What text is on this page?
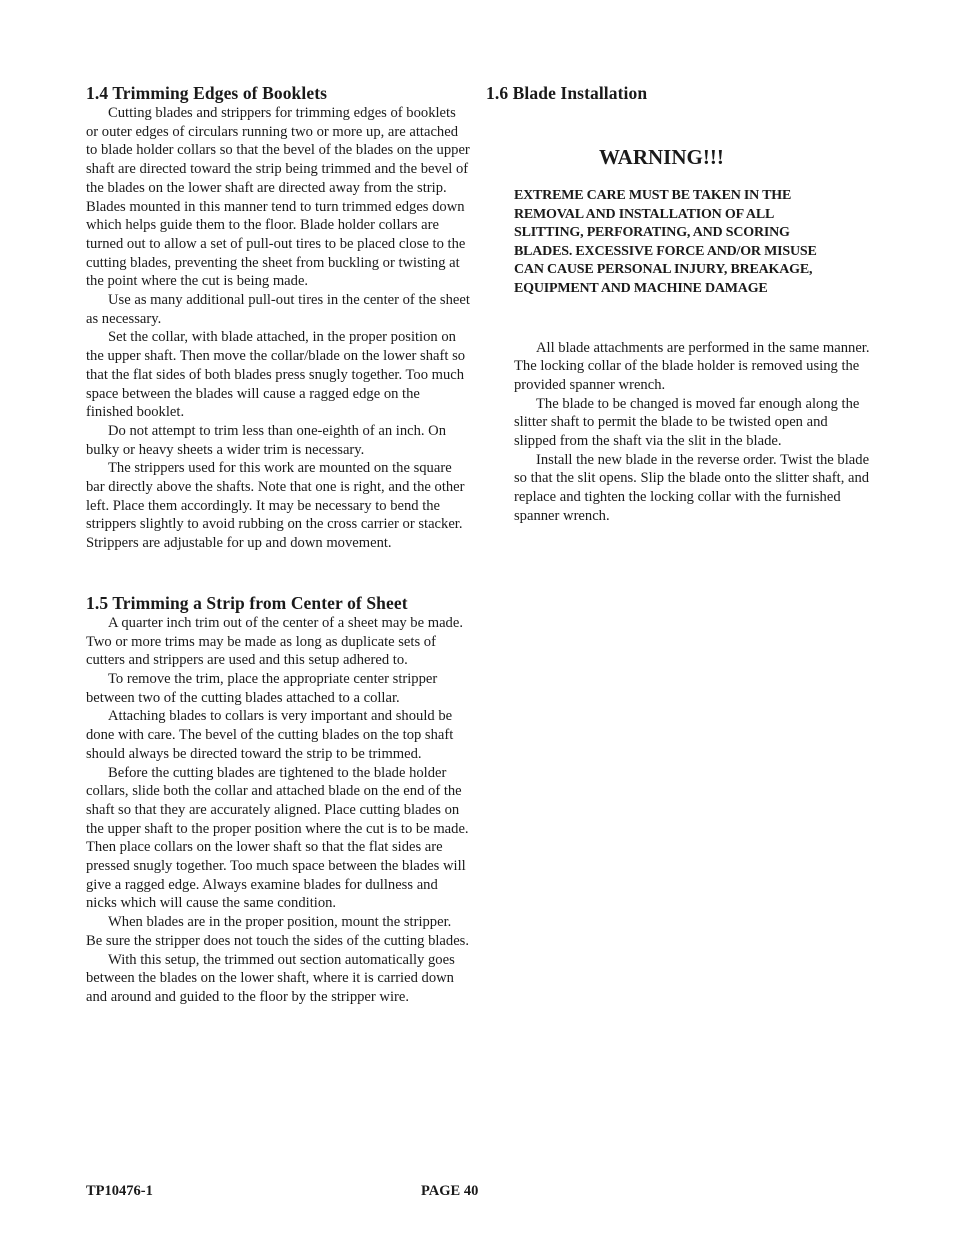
1.4 Trimming Edges of Booklets

Cutting blades and strippers for trimming edges of booklets or outer edges of circulars running two or more up, are attached to blade holder collars so that the bevel of the blades on the upper shaft are directed toward the strip being trimmed and the bevel of the blades on the lower shaft are directed away from the strip. Blades mounted in this manner tend to turn trimmed edges down which helps guide them to the floor. Blade holder collars are turned out to allow a set of pull-out tires to be placed close to the cutting blades, preventing the sheet from buckling or twisting at the point where the cut is being made.

Use as many additional pull-out tires in the center of the sheet as necessary.

Set the collar, with blade attached, in the proper position on the upper shaft. Then move the collar/blade on the lower shaft so that the flat sides of both blades press snugly together. Too much space between the blades will cause a ragged edge on the finished booklet.

Do not attempt to trim less than one-eighth of an inch. On bulky or heavy sheets a wider trim is necessary.

The strippers used for this work are mounted on the square bar directly above the shafts. Note that one is right, and the other left. Place them accordingly. It may be necessary to bend the strippers slightly to avoid rubbing on the cross carrier or stacker. Strippers are adjustable for up and down movement.

1.5 Trimming a Strip from Center of Sheet

A quarter inch trim out of the center of a sheet may be made. Two or more trims may be made as long as duplicate sets of cutters and strippers are used and this setup adhered to.

To remove the trim, place the appropriate center stripper between two of the cutting blades attached to a collar.

Attaching blades to collars is very important and should be done with care. The bevel of the cutting blades on the top shaft should always be directed toward the strip to be trimmed.

Before the cutting blades are tightened to the blade holder collars, slide both the collar and attached blade on the end of the shaft so that they are accurately aligned. Place cutting blades on the upper shaft to the proper position where the cut is to be made. Then place collars on the lower shaft so that the flat sides are pressed snugly together. Too much space between the blades will give a ragged edge. Always examine blades for dullness and nicks which will cause the same condition.

When blades are in the proper position, mount the stripper. Be sure the stripper does not touch the sides of the cutting blades.

With this setup, the trimmed out section automatically goes between the blades on the lower shaft, where it is carried down and around and guided to the floor by the stripper wire.

1.6 Blade Installation
WARNING!!!
EXTREME CARE MUST BE TAKEN IN THE REMOVAL AND INSTALLATION OF ALL SLITTING, PERFORATING, AND SCORING BLADES. EXCESSIVE FORCE AND/OR MISUSE CAN CAUSE PERSONAL INJURY, BREAKAGE, EQUIPMENT AND MACHINE DAMAGE

All blade attachments are performed in the same manner. The locking collar of the blade holder is removed using the provided spanner wrench.

The blade to be changed is moved far enough along the slitter shaft to permit the blade to be twisted open and slipped from the shaft via the slit in the blade.

Install the new blade in the reverse order. Twist the blade so that the slit opens. Slip the blade onto the slitter shaft, and replace and tighten the locking collar with the furnished spanner wrench.

TP10476-1	PAGE 40
